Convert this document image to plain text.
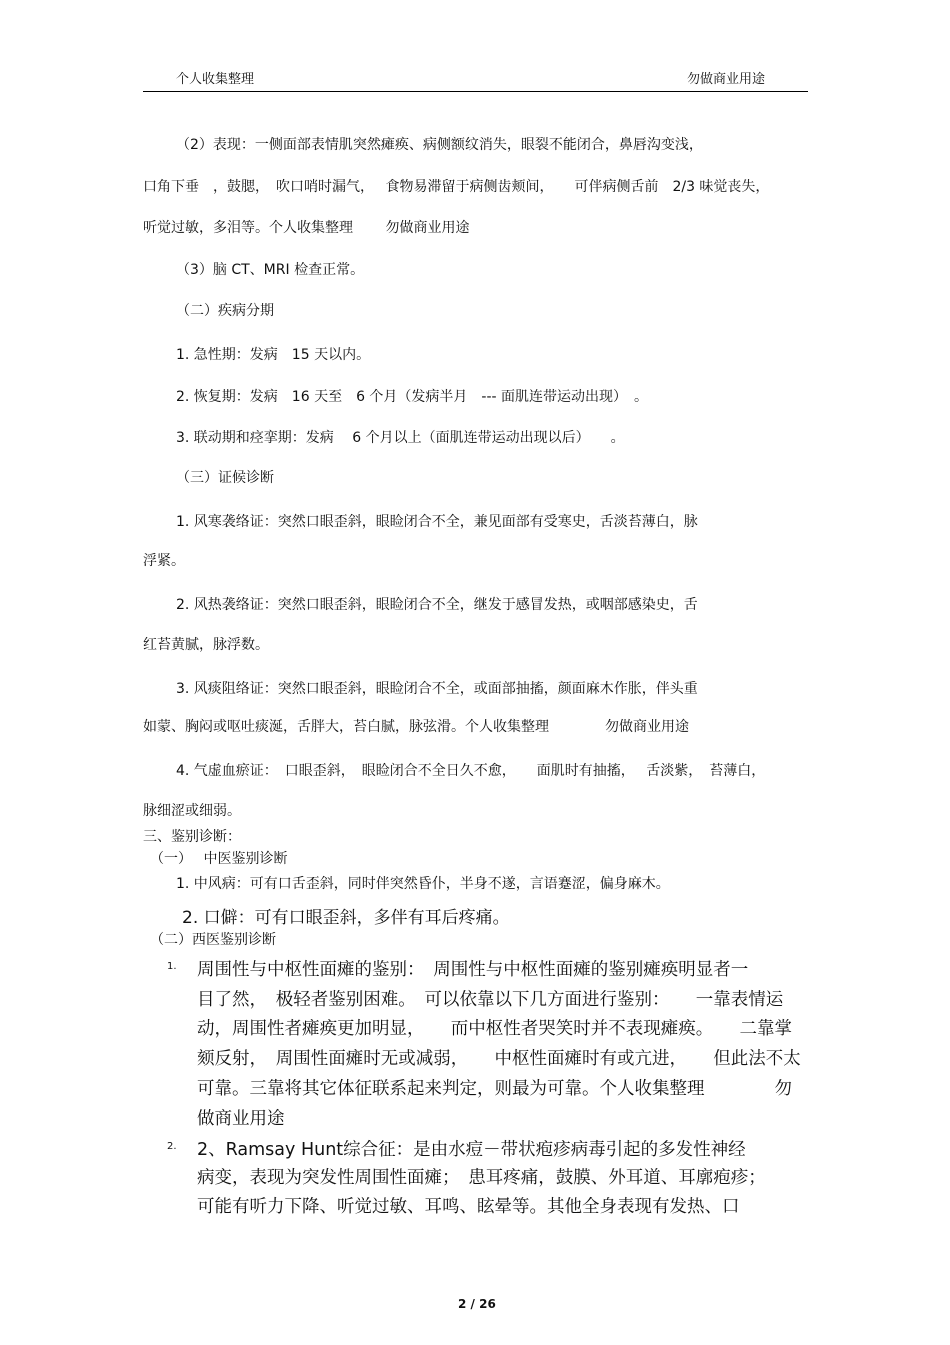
个人收集整理	勿做商业用途
（2）表现：一侧面部表情肌突然瘫痪、病侧额纹消失，眼裂不能闭合，鼻唇沟变浅，
口角下垂　，鼓腮，　吹口哨时漏气，　 食物易滞留于病侧齿颊间，　　可伴病侧舌前　2/3 味觉丧失，
听觉过敏，多泪等。个人收集整理　　 勿做商业用途
（3）脑 CT、MRI 检查正常。
（二）疾病分期
1. 急性期：发病　15 天以内。
2. 恢复期：发病　16 天至　6 个月（发病半月　--- 面肌连带运动出现）　。
3. 联动期和痉挛期：发病　 6 个月以上（面肌连带运动出现以后）　　。
（三）证候诊断
1. 风寒袭络证：突然口眼歪斜，眼睑闭合不全，兼见面部有受寒史，舌淡苔薄白，脉
浮紧。
2. 风热袭络证：突然口眼歪斜，眼睑闭合不全，继发于感冒发热，或咽部感染史，舌
红苔黄腻，脉浮数。
3. 风痰阻络证：突然口眼歪斜，眼睑闭合不全，或面部抽搐，颜面麻木作胀，伴头重
如蒙、胸闷或呕吐痰涎，舌胖大，苔白腻，脉弦滑。个人收集整理　　　　勿做商业用途
4. 气虚血瘀证：　口眼歪斜，　眼睑闭合不全日久不愈，　　面肌时有抽搐，　 舌淡紫，　苔薄白，
脉细涩或细弱。
三、鉴别诊断：
（一）　 中医鉴别诊断
1. 中风病：可有口舌歪斜，同时伴突然昏仆，半身不遂，言语蹇涩，偏身麻木。
2. 口僻：可有口眼歪斜，多伴有耳后疼痛。
（二）西医鉴别诊断
1. 周围性与中枢性面瘫的鉴别：　周围性与中枢性面瘫的鉴别瘫痪明显者一
目了然，　极轻者鉴别困难。　可以依靠以下几方面进行鉴别：　　一靠表情运
动，周围性者瘫痪更加明显，　　而中枢性者哭笑时并不表现瘫痪。　　二靠掌
颏反射，　周围性面瘫时无或减弱，　　中枢性面瘫时有或亢进，　　但此法不太
可靠。三靠将其它体征联系起来判定，则最为可靠。个人收集整理　　　　勿
做商业用途
2. 2、Ramsay Hunt综合征：是由水痘－带状疱疹病毒引起的多发性神经
病变，表现为突发性周围性面瘫；　患耳疼痛，鼓膜、外耳道、耳廓疱疹；
可能有听力下降、听觉过敏、耳鸣、眩晕等。其他全身表现有发热、口
2 / 26
